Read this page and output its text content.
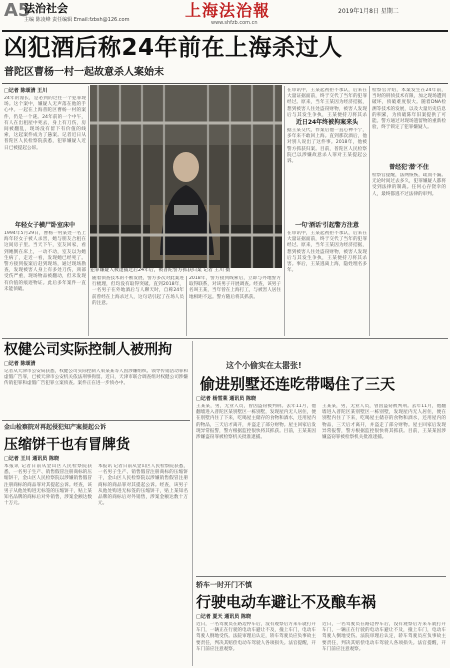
A5
法治社会
主编 陈凌峰 责任编辑 Email:fzbsh@126.com	上海法治報
www.shfzb.com.cn
2019年1月8日 星期二
凶犯酒后称24年前在上海杀过人
普陀区曹杨一村一起故意杀人案始末
□记者 陈颂清 王川
24年的漫长，是必到的过往一个犯罪现场。这个案中，嫌疑人无声落在他的手心中。一起在上海普陀区曹杨一村的案件，仍是一个谜。24年前的一个中午，有人在出租屋中死去，身上有刀伤，房间被翻乱，现场没有留下有价值的线索，这起案件成为了悬案。记者近日从普陀区人民检察院获悉，犯罪嫌疑人近日已被提起公诉。
年轻女子横尸卧室床中
1994年5月29日，曹杨一村某处一名上海年轻女子被人杀害，她与朋友合租在这间房子里。当天下午，室友回家，看到她倒在床上，一动不动，室友以为她生病了，走近一看，发现她已经死了。警方接到报案后赶到现场，通过现场勘查，发现被害人身上有多处刀伤，颈部受伤严重，现场物品被翻动，但未发现有价值的痕迹物证。此后多年案件一直未能侦破。
犯罪嫌疑人被逮捕过后24年后，被普陀警方抓获归案 记者 王川 摄
随着侦查技术的不断发展，警方多次对此案进行梳理，但均没有取得突破。直到2018年，一名男子在外地酒后与人聊天时，自称24年前曾经在上海杀过人，这句话引起了在场人员的注意。
2018年，警方接到线索后，立即与外地警方取得联系，对该男子开展调查。经查，该男子名叫王某，当年曾在上海打工，与被害人居住地相距不远。警方随后将其抓获。
在审讯中，王某起初拒不承认，后来在大量证据面前，终于交代了当年的犯罪经过。原来，当年王某因为经济拮据，想到被害人住处盗窃财物，被害人发现后与其发生争执，王某便持刀将其杀
近日24年终被拘案来头
据王某交代，作案后他一直心神不宁，多年来不敢回上海。直到那次酒后，他对别人说出了这件事。2018年，他被警方抓获归案。目前，普陀区人民检察院已以涉嫌故意杀人罪对王某提起公诉。
一句'酒话'引起警方注意
在审讯中，王某起初拒不承认，后来在大量证据面前，终于交代了当年的犯罪经过。原来，当年王某因为经济拮据，想到被害人住处盗窃财物，被害人发现后与其发生争执，王某便持刀将其杀害。事后，王某逃离上海，隐姓埋名多年。
检察官介绍，本案发生在24年前，当时的刑侦技术有限，加之现场遭到破坏，侦破难度很大。随着DNA检测等技术的发展，以及大量历史信息的积累，为侦破陈年旧案提供了可能。警方通过对现场遗留物的重新检验，终于锁定了犯罪嫌疑人。
曾经犯'潜'不住
检察官提醒，法网恢恢，疏而不漏。无论时间过去多久，犯罪嫌疑人都将受到法律的制裁。任何心存侥幸的人，最终都逃不过法律的审判。
权健公司实际控制人被刑拘
□记者 陈颂清
记者从天津市公安局获悉，权健公司实际控制人束某某等人因涉嫌组织、领导传销活动罪和虚假广告罪，已被天津市公安机关依法刑事拘留。近日，天津市联合调查组对权健公司涉嫌传销犯罪和虚假广告犯罪立案侦查。案件正在进一步侦办中。
这个小偷实在太嚣张!
偷进别墅还连吃带喝住了三天
□记者 杨雪莱 通讯员 陈晓
王某某，男，无业人员，曾因盗窃被判刑。去年11月，他翻墙进入普陀区某别墅区一栋别墅，发现屋内无人居住，便在别墅内住了下来，吃喝屋主储存的食物和酒水，还用屋内的物品，三天后才离开，并盗走了部分财物。屋主回家后发现异常报警，警方根据监控很快将其抓获。目前，王某某因涉嫌盗窃罪被检察机关批准逮捕。
王某某，男，无业人员，曾因盗窃被判刑。去年11月，他翻墙进入普陀区某别墅区一栋别墅，发现屋内无人居住，便在别墅内住了下来，吃喝屋主储存的食物和酒水，还用屋内的物品，三天后才离开，并盗走了部分财物。屋主回家后发现异常报警，警方根据监控很快将其抓获。目前，王某某因涉嫌盗窃罪被检察机关批准逮捕。
金山检察院对再起侵犯知产案提起公诉
压缩饼干也有冒牌货
□记者 王川 通讯员 陈晓
本报讯 记者日前从金山区人民检察院获悉，一名男子生产、销售假冒注册商标的压缩饼干，金山区人民检察院以涉嫌销售假冒注册商标的商品罪对其提起公诉。经查，该男子从他处购进无标签的压缩饼干，贴上某知名品牌的商标后对外销售，涉案金额达数十万元。
本报讯 记者日前从金山区人民检察院获悉，一名男子生产、销售假冒注册商标的压缩饼干，金山区人民检察院以涉嫌销售假冒注册商标的商品罪对其提起公诉。经查，该男子从他处购进无标签的压缩饼干，贴上某知名品牌的商标后对外销售，涉案金额达数十万元。
轿车一时开门不慎
行驶电动车避让不及酿车祸
□记者 夏天 通讯员 陈晓
近日，一名驾驶员在路边停车后，没有观察后方来车就打开车门，一辆正在行驶的电动车避让不及，撞上车门，电动车驾驶人倒地受伤。法院审理后认定，轿车驾驶员应负事故主要责任，判决其赔偿电动车驾驶人各项损失。法官提醒，开车门前应注意观察。
近日，一名驾驶员在路边停车后，没有观察后方来车就打开车门，一辆正在行驶的电动车避让不及，撞上车门，电动车驾驶人倒地受伤。法院审理后认定，轿车驾驶员应负事故主要责任，判决其赔偿电动车驾驶人各项损失。法官提醒，开车门前应注意观察。
